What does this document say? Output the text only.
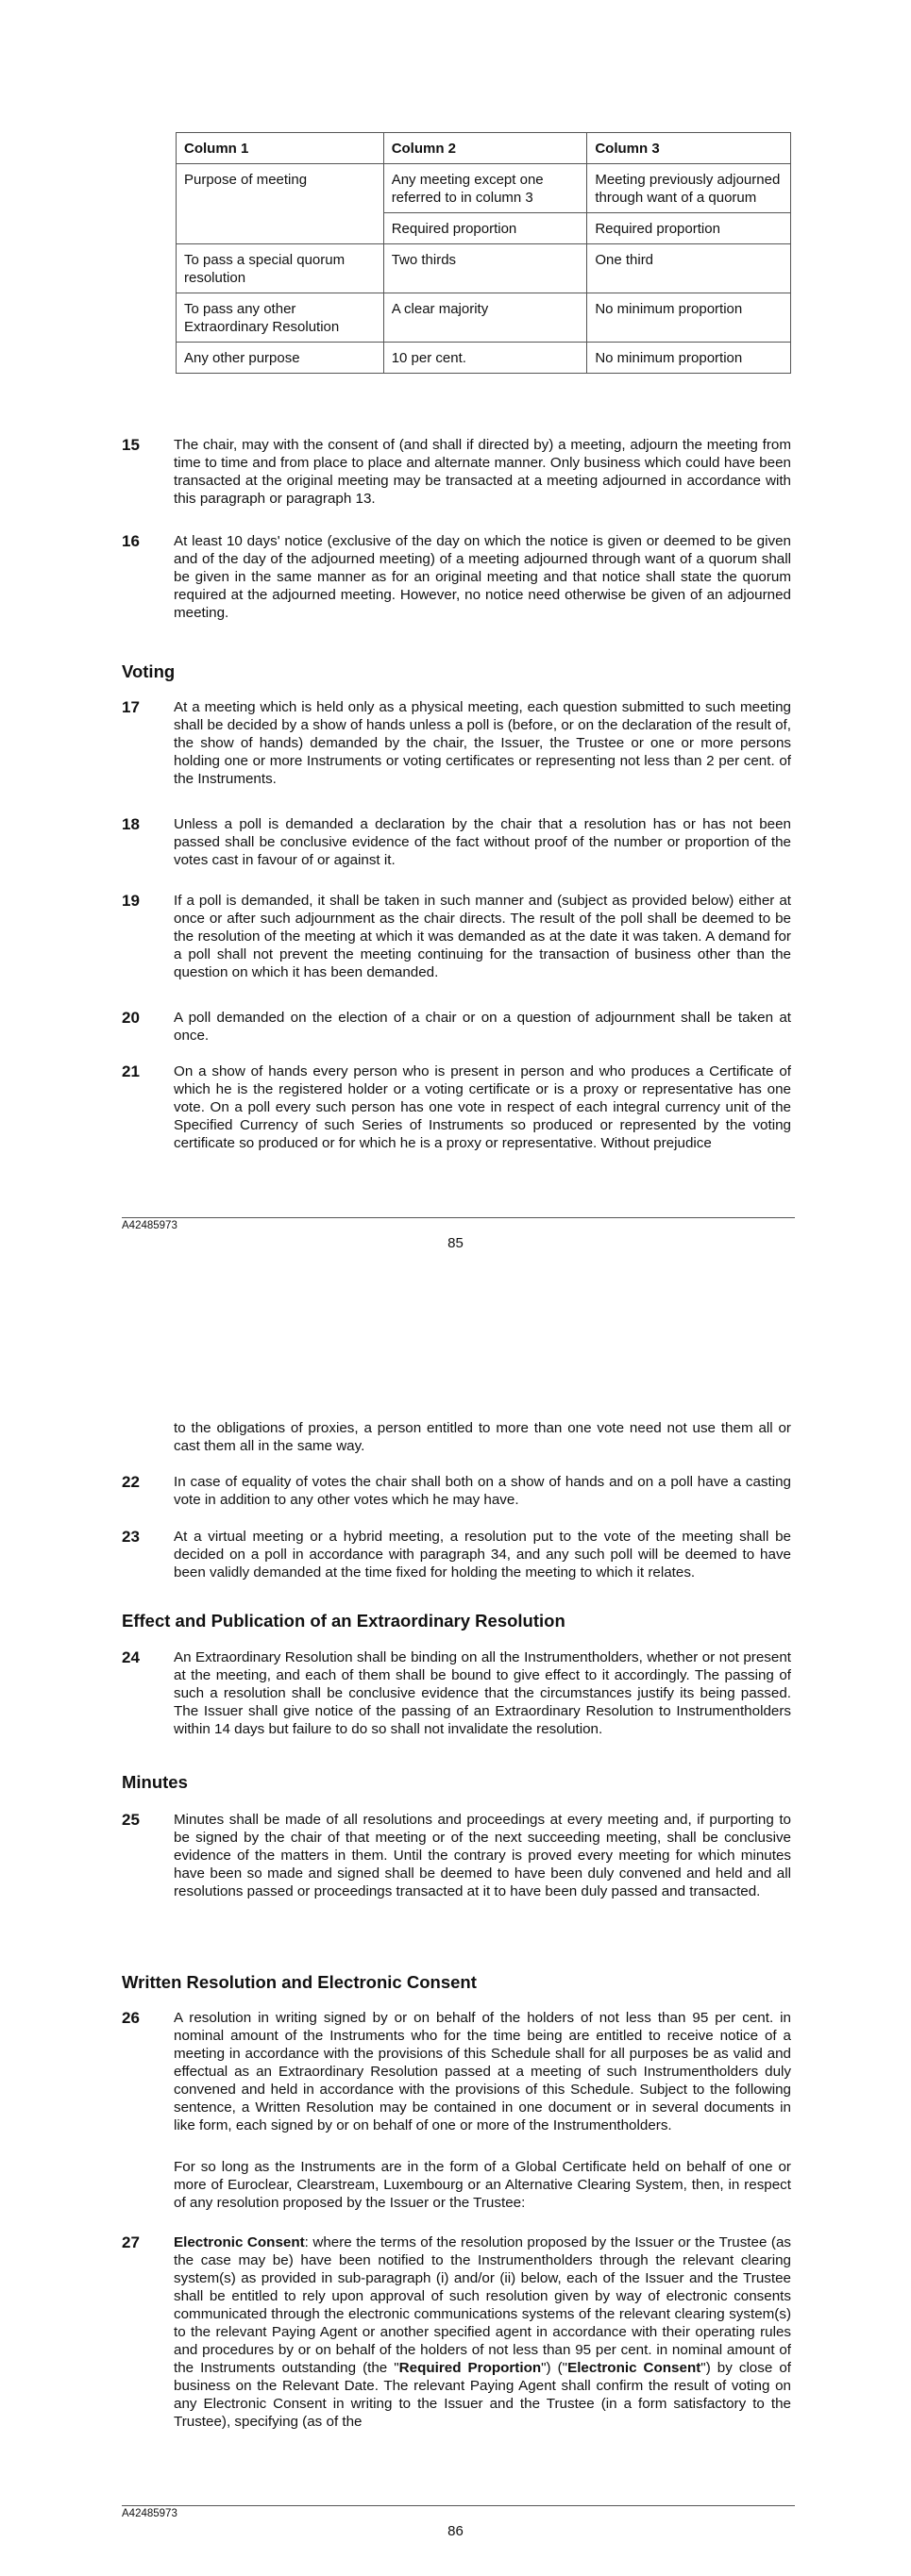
Column 1	Column 2	Column 3
Purpose of meeting	Any meeting except one referred to in column 3	Meeting previously adjourned through want of a quorum
	Required proportion	Required proportion
To pass a special quorum resolution	Two thirds	One third
To pass any other Extraordinary Resolution	A clear majority	No minimum proportion
Any other purpose	10 per cent.	No minimum proportion
15 The chair, may with the consent of (and shall if directed by) a meeting, adjourn the meeting from time to time and from place to place and alternate manner. Only business which could have been transacted at the original meeting may be transacted at a meeting adjourned in accordance with this paragraph or paragraph 13.
16 At least 10 days' notice (exclusive of the day on which the notice is given or deemed to be given and of the day of the adjourned meeting) of a meeting adjourned through want of a quorum shall be given in the same manner as for an original meeting and that notice shall state the quorum required at the adjourned meeting. However, no notice need otherwise be given of an adjourned meeting.
Voting
17 At a meeting which is held only as a physical meeting, each question submitted to such meeting shall be decided by a show of hands unless a poll is (before, or on the declaration of the result of, the show of hands) demanded by the chair, the Issuer, the Trustee or one or more persons holding one or more Instruments or voting certificates or representing not less than 2 per cent. of the Instruments.
18 Unless a poll is demanded a declaration by the chair that a resolution has or has not been passed shall be conclusive evidence of the fact without proof of the number or proportion of the votes cast in favour of or against it.
19 If a poll is demanded, it shall be taken in such manner and (subject as provided below) either at once or after such adjournment as the chair directs. The result of the poll shall be deemed to be the resolution of the meeting at which it was demanded as at the date it was taken. A demand for a poll shall not prevent the meeting continuing for the transaction of business other than the question on which it has been demanded.
20 A poll demanded on the election of a chair or on a question of adjournment shall be taken at once.
21 On a show of hands every person who is present in person and who produces a Certificate of which he is the registered holder or a voting certificate or is a proxy or representative has one vote. On a poll every such person has one vote in respect of each integral currency unit of the Specified Currency of such Series of Instruments so produced or represented by the voting certificate so produced or for which he is a proxy or representative. Without prejudice
A42485973
85
to the obligations of proxies, a person entitled to more than one vote need not use them all or cast them all in the same way.
22 In case of equality of votes the chair shall both on a show of hands and on a poll have a casting vote in addition to any other votes which he may have.
23 At a virtual meeting or a hybrid meeting, a resolution put to the vote of the meeting shall be decided on a poll in accordance with paragraph 34, and any such poll will be deemed to have been validly demanded at the time fixed for holding the meeting to which it relates.
Effect and Publication of an Extraordinary Resolution
24 An Extraordinary Resolution shall be binding on all the Instrumentholders, whether or not present at the meeting, and each of them shall be bound to give effect to it accordingly. The passing of such a resolution shall be conclusive evidence that the circumstances justify its being passed. The Issuer shall give notice of the passing of an Extraordinary Resolution to Instrumentholders within 14 days but failure to do so shall not invalidate the resolution.
Minutes
25 Minutes shall be made of all resolutions and proceedings at every meeting and, if purporting to be signed by the chair of that meeting or of the next succeeding meeting, shall be conclusive evidence of the matters in them. Until the contrary is proved every meeting for which minutes have been so made and signed shall be deemed to have been duly convened and held and all resolutions passed or proceedings transacted at it to have been duly passed and transacted.
Written Resolution and Electronic Consent
26 A resolution in writing signed by or on behalf of the holders of not less than 95 per cent. in nominal amount of the Instruments who for the time being are entitled to receive notice of a meeting in accordance with the provisions of this Schedule shall for all purposes be as valid and effectual as an Extraordinary Resolution passed at a meeting of such Instrumentholders duly convened and held in accordance with the provisions of this Schedule. Subject to the following sentence, a Written Resolution may be contained in one document or in several documents in like form, each signed by or on behalf of one or more of the Instrumentholders.
For so long as the Instruments are in the form of a Global Certificate held on behalf of one or more of Euroclear, Clearstream, Luxembourg or an Alternative Clearing System, then, in respect of any resolution proposed by the Issuer or the Trustee:
27 Electronic Consent: where the terms of the resolution proposed by the Issuer or the Trustee (as the case may be) have been notified to the Instrumentholders through the relevant clearing system(s) as provided in sub-paragraph (i) and/or (ii) below, each of the Issuer and the Trustee shall be entitled to rely upon approval of such resolution given by way of electronic consents communicated through the electronic communications systems of the relevant clearing system(s) to the relevant Paying Agent or another specified agent in accordance with their operating rules and procedures by or on behalf of the holders of not less than 95 per cent. in nominal amount of the Instruments outstanding (the "Required Proportion") ("Electronic Consent") by close of business on the Relevant Date. The relevant Paying Agent shall confirm the result of voting on any Electronic Consent in writing to the Issuer and the Trustee (in a form satisfactory to the Trustee), specifying (as of the
A42485973
86
